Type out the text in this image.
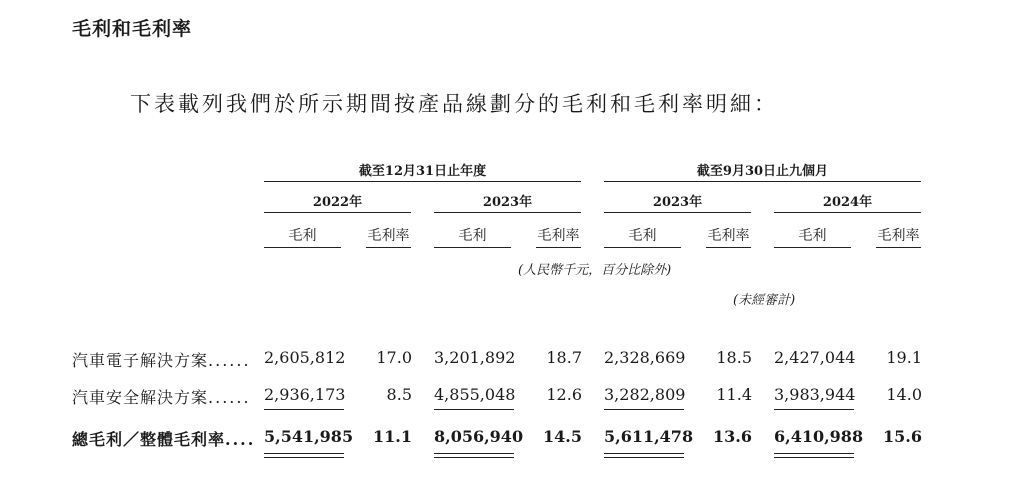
毛利和毛利率
下表載列我們於所示期間按產品線劃分的毛利和毛利率明細：
截至12月31日止年度	截至9月30日止九個月
2022年	2023年	2023年	2024年
毛利	毛利率	毛利	毛利率	毛利	毛利率	毛利	毛利率
(人民幣千元，百分比除外)
(未經審計)
汽車電子解決方案...... 2,605,812	17.0 3,201,892	18.7 2,328,669	18.5 2,427,044	19.1
汽車安全解決方案...... 2,936,173	8.5 4,855,048	12.6 3,282,809	11.4 3,983,944	14.0
總毛利／整體毛利率.... 5,541,985	11.1 8,056,940	14.5 5,611,478	13.6 6,410,988	15.6
